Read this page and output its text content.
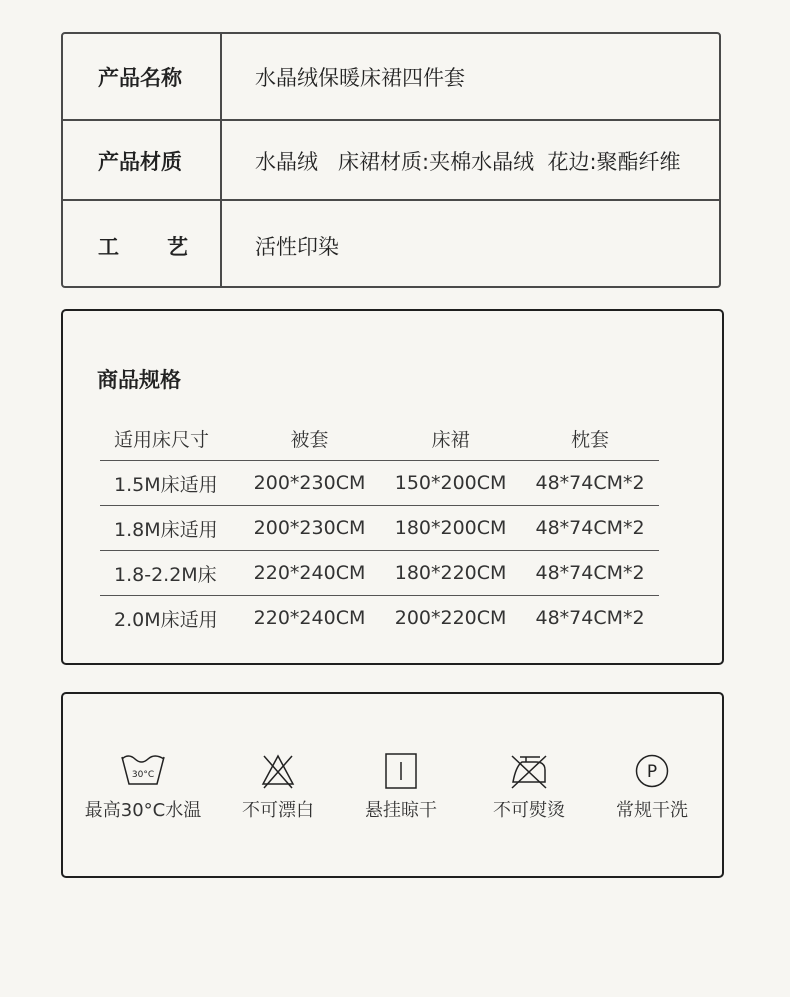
产品名称	水晶绒保暖床裙四件套
产品材质	水晶绒   床裙材质:夹棉水晶绒  花边:聚酯纤维
工 艺	活性印染
商品规格
适用床尺寸	被套	床裙	枕套
1.5M床适用	200*230CM	150*200CM	48*74CM*2
1.8M床适用	200*230CM	180*200CM	48*74CM*2
1.8-2.2M床	220*240CM	180*220CM	48*74CM*2
2.0M床适用	220*240CM	200*220CM	48*74CM*2
30°C
最高30°C水温	不可漂白	悬挂晾干	不可熨烫
P
常规干洗
